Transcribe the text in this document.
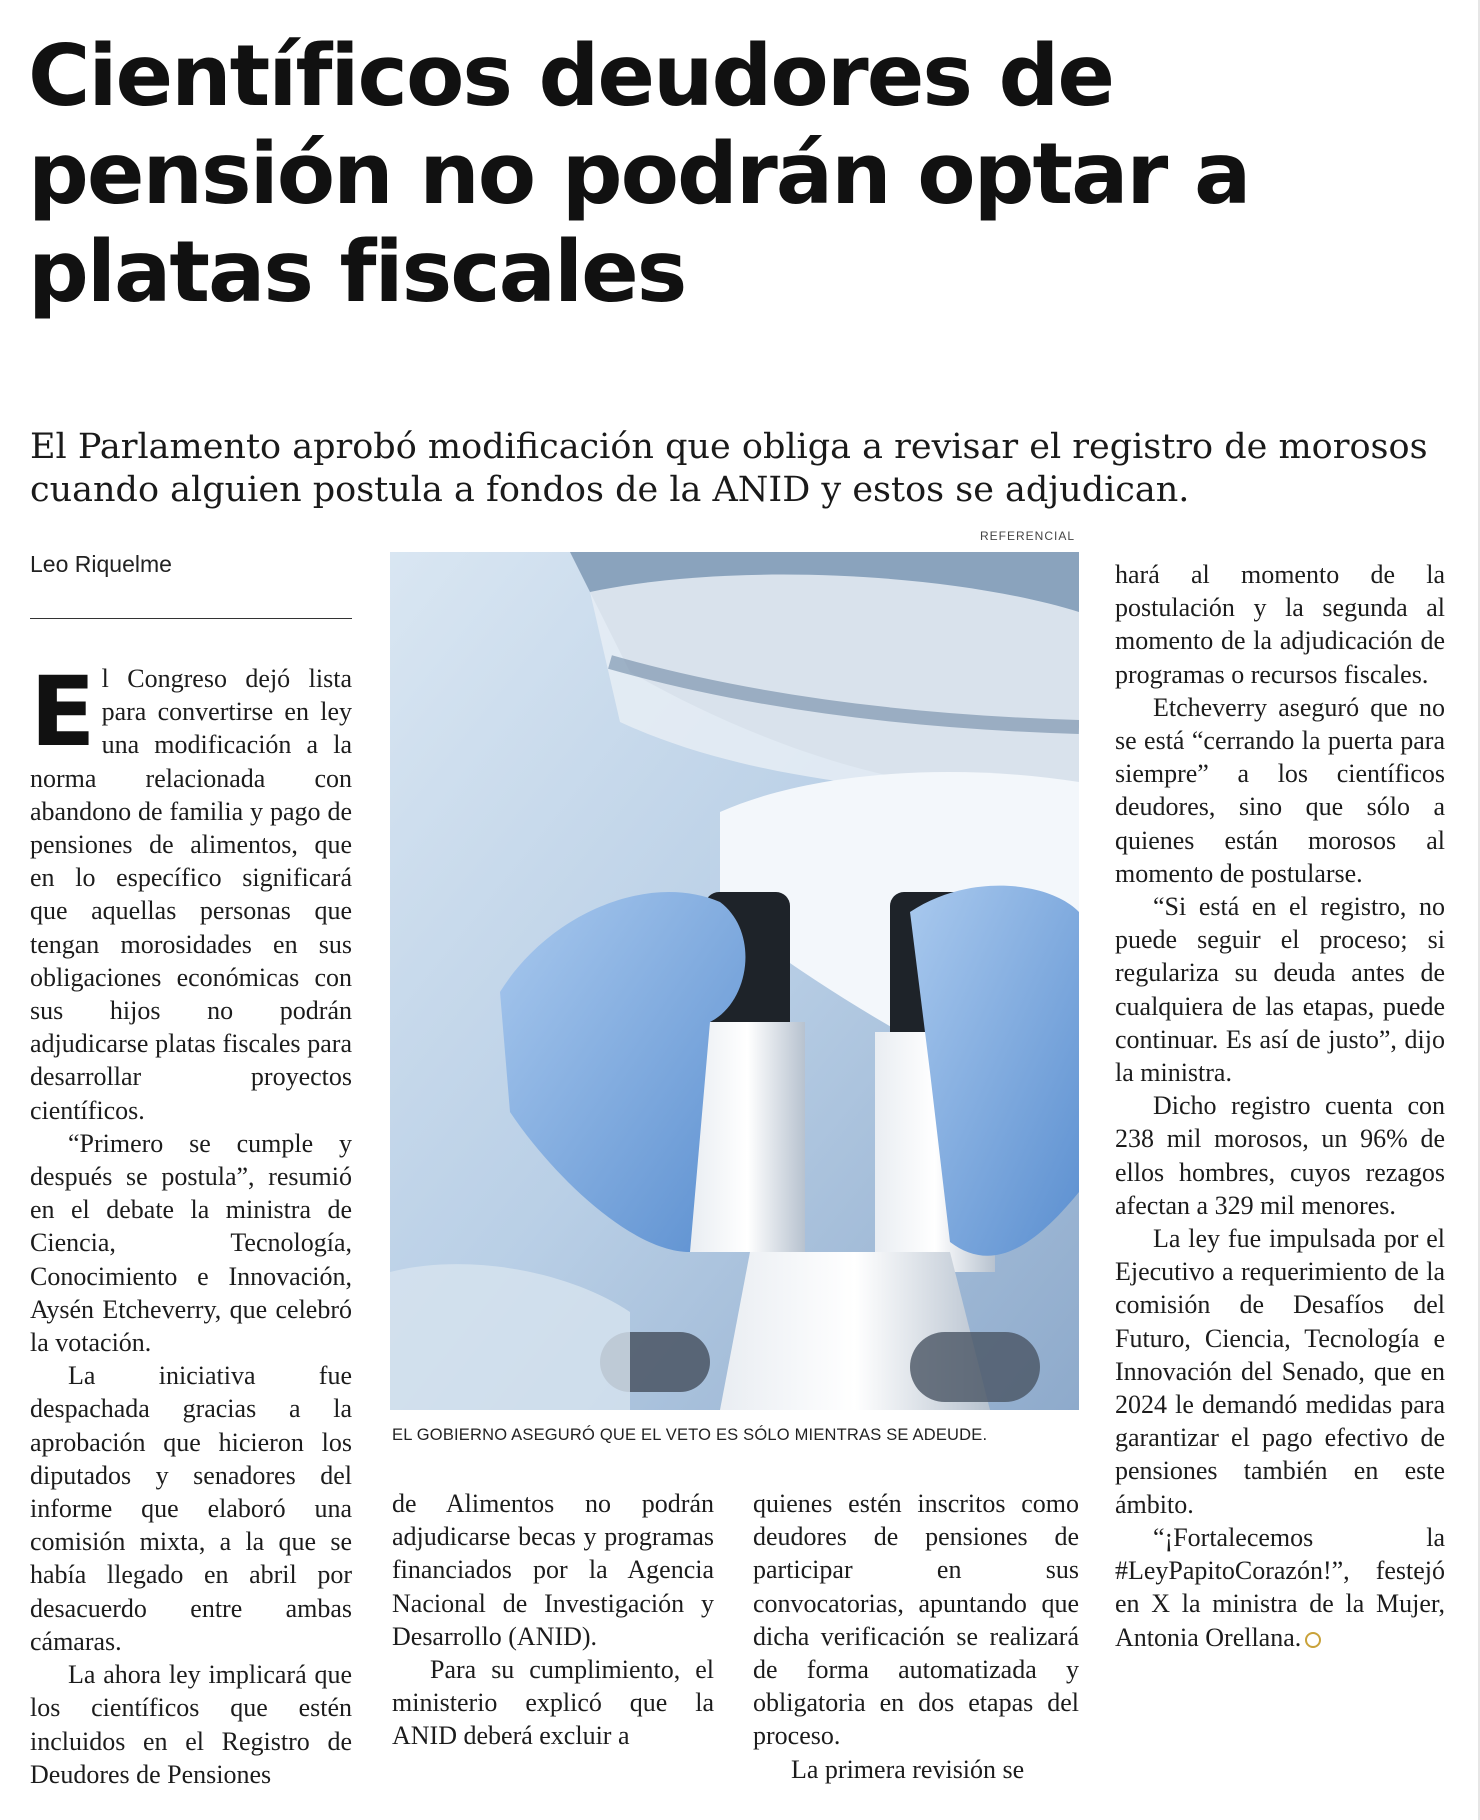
Científicos deudores de pensión no podrán optar a platas fiscales

El Parlamento aprobó modificación que obliga a revisar el registro de morosos cuando alguien postula a fondos de la ANID y estos se adjudican.

Leo Riquelme
REFERENCIAL
EL GOBIERNO ASEGURÓ QUE EL VETO ES SÓLO MIENTRAS SE ADEUDE.

El Congreso dejó lista para convertirse en ley una modificación a la norma relacionada con abandono de familia y pago de pensiones de alimentos, que en lo específico significará que aquellas personas que tengan morosidades en sus obligaciones económicas con sus hijos no podrán adjudicarse platas fiscales para desarrollar proyectos científicos.

“Primero se cumple y después se postula”, resumió en el debate la ministra de Ciencia, Tecnología, Conocimiento e Innovación, Aysén Etcheverry, que celebró la votación.

La iniciativa fue despachada gracias a la aprobación que hicieron los diputados y senadores del informe que elaboró una comisión mixta, a la que se había llegado en abril por desacuerdo entre ambas cámaras.

La ahora ley implicará que los científicos que estén incluidos en el Registro de Deudores de Pensiones

de Alimentos no podrán adjudicarse becas y programas financiados por la Agencia Nacional de Investigación y Desarrollo (ANID).

Para su cumplimiento, el ministerio explicó que la ANID deberá excluir a

quienes estén inscritos como deudores de pensiones de participar en sus convocatorias, apuntando que dicha verificación se realizará de forma automatizada y obligatoria en dos etapas del proceso.

La primera revisión se

hará al momento de la postulación y la segunda al momento de la adjudicación de programas o recursos fiscales.

Etcheverry aseguró que no se está “cerrando la puerta para siempre” a los científicos deudores, sino que sólo a quienes están morosos al momento de postularse.

“Si está en el registro, no puede seguir el proceso; si regulariza su deuda antes de cualquiera de las etapas, puede continuar. Es así de justo”, dijo la ministra.

Dicho registro cuenta con 238 mil morosos, un 96% de ellos hombres, cuyos rezagos afectan a 329 mil menores.

La ley fue impulsada por el Ejecutivo a requerimiento de la comisión de Desafíos del Futuro, Ciencia, Tecnología e Innovación del Senado, que en 2024 le demandó medidas para garantizar el pago efectivo de pensiones también en este ámbito.

“¡Fortalecemos la #LeyPapitoCorazón!”, festejó en X la ministra de la Mujer, Antonia Orellana.
